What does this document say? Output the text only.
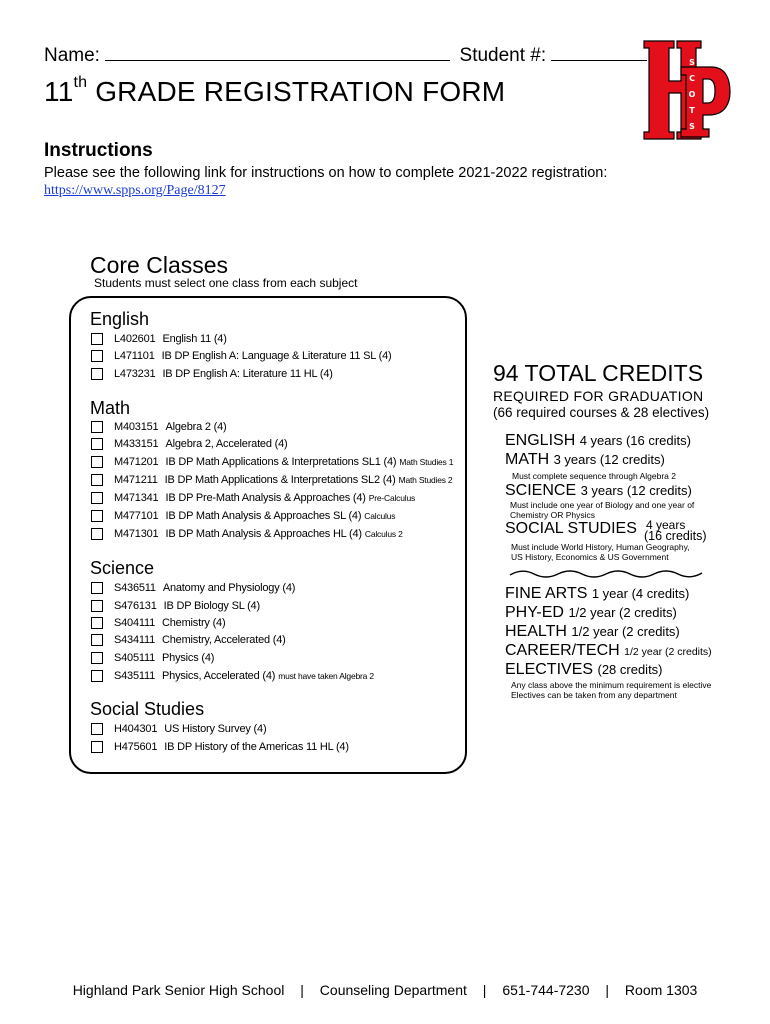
Name:	Student #:
11th GRADE REGISTRATION FORM
Instructions
Please see the following link for instructions on how to complete 2021-2022 registration:
https://www.spps.org/Page/8127
S
C
O
T
S
Core Classes
Students must select one class from each subject
English
L402601 English 11 (4)
L471101 IB DP English A: Language & Literature 11 SL (4)
L473231 IB DP English A: Literature 11 HL (4)
Math
M403151 Algebra 2 (4)
M433151 Algebra 2, Accelerated (4)
M471201 IB DP Math Applications & Interpretations SL1 (4) Math Studies 1
M471211 IB DP Math Applications & Interpretations SL2 (4) Math Studies 2
M471341 IB DP Pre-Math Analysis & Approaches (4) Pre-Calculus
M477101 IB DP Math Analysis & Approaches SL (4) Calculus
M471301 IB DP Math Analysis & Approaches HL (4) Calculus 2
Science
S436511 Anatomy and Physiology (4)
S476131 IB DP Biology SL (4)
S404111 Chemistry (4)
S434111 Chemistry, Accelerated (4)
S405111 Physics (4)
S435111 Physics, Accelerated (4) must have taken Algebra 2
Social Studies
H404301 US History Survey (4)
H475601 IB DP History of the Americas 11 HL (4)
94 TOTAL CREDITS
REQUIRED FOR GRADUATION
(66 required courses & 28 electives)
ENGLISH 4 years (16 credits)
MATH 3 years (12 credits)
Must complete sequence through Algebra 2
SCIENCE 3 years (12 credits)
Must include one year of Biology and one year of
Chemistry OR Physics
SOCIAL STUDIES 4 years
(16 credits)
Must include World History, Human Geography,
US History, Economics & US Government
FINE ARTS 1 year (4 credits)
PHY-ED 1/2 year (2 credits)
HEALTH 1/2 year (2 credits)
CAREER/TECH 1/2 year (2 credits)
ELECTIVES (28 credits)
Any class above the minimum requirement is elective
Electives can be taken from any department
Highland Park Senior High School | Counseling Department | 651-744-7230 | Room 1303
